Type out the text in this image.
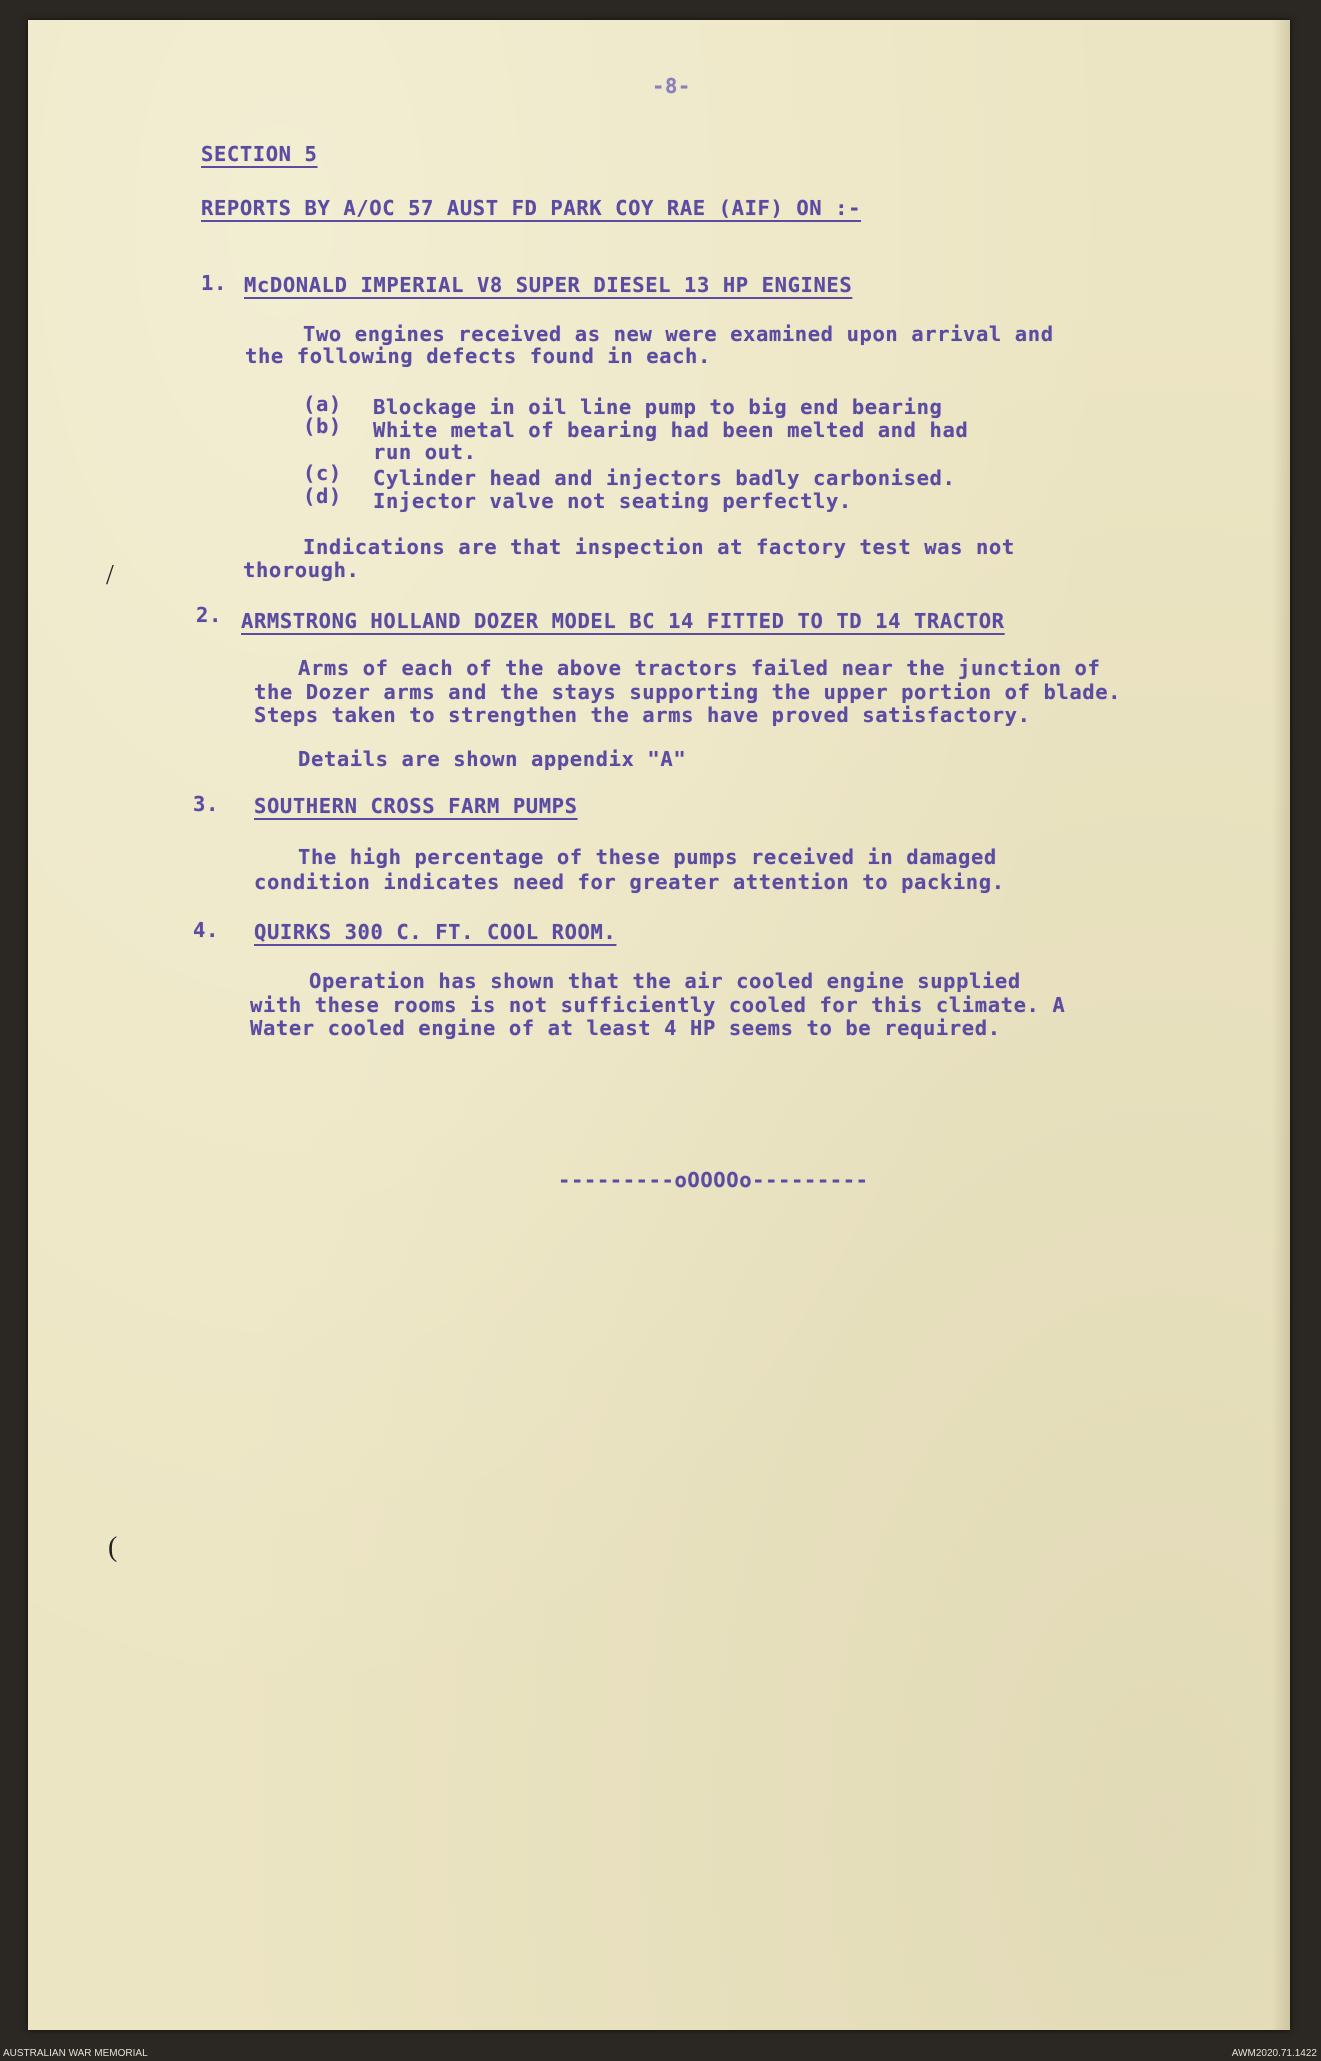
-8-
SECTION 5
REPORTS BY A/OC 57 AUST FD PARK COY RAE (AIF) ON :-
1. McDONALD IMPERIAL V8 SUPER DIESEL 13 HP ENGINES
Two engines received as new were examined upon arrival and
the following defects found in each.
(a) Blockage in oil line pump to big end bearing
(b) White metal of bearing had been melted and had
run out.
(c) Cylinder head and injectors badly carbonised.
(d) Injector valve not seating perfectly.
Indications are that inspection at factory test was not
thorough.
2. ARMSTRONG HOLLAND DOZER MODEL BC 14 FITTED TO TD 14 TRACTOR
Arms of each of the above tractors failed near the junction of
the Dozer arms and the stays supporting the upper portion of blade.
Steps taken to strengthen the arms have proved satisfactory.
Details are shown appendix "A"
3. SOUTHERN CROSS FARM PUMPS
The high percentage of these pumps received in damaged
condition indicates need for greater attention to packing.
4. QUIRKS 300 C. FT. COOL ROOM.
Operation has shown that the air cooled engine supplied
with these rooms is not sufficiently cooled for this climate. A
Water cooled engine of at least 4 HP seems to be required.
---------oOOOOo---------
/
(
AUSTRALIAN WAR MEMORIAL	AWM2020.71.1422
